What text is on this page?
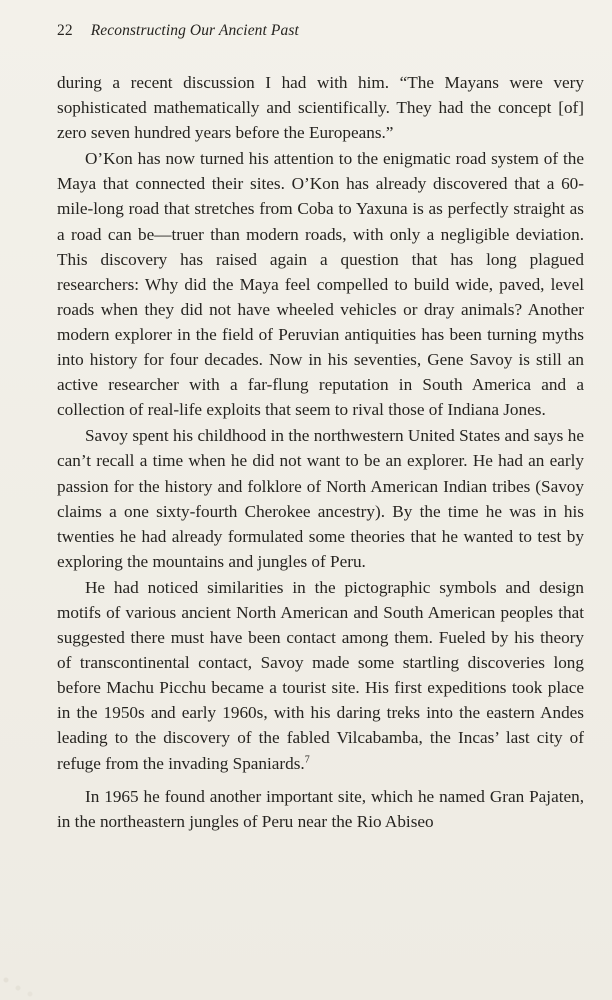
22 Reconstructing Our Ancient Past

during a recent discussion I had with him. “The Mayans were very sophisticated mathematically and scientifically. They had the concept [of] zero seven hundred years before the Europeans.”

O’Kon has now turned his attention to the enigmatic road system of the Maya that connected their sites. O’Kon has already discovered that a 60-mile-long road that stretches from Coba to Yaxuna is as perfectly straight as a road can be—truer than modern roads, with only a negligible deviation. This discovery has raised again a question that has long plagued researchers: Why did the Maya feel compelled to build wide, paved, level roads when they did not have wheeled vehicles or dray animals? Another modern explorer in the field of Peruvian antiquities has been turning myths into history for four decades. Now in his seventies, Gene Savoy is still an active researcher with a far-flung reputation in South America and a collection of real-life exploits that seem to rival those of Indiana Jones.

Savoy spent his childhood in the northwestern United States and says he can’t recall a time when he did not want to be an explorer. He had an early passion for the history and folklore of North American Indian tribes (Savoy claims a one sixty-fourth Cherokee ancestry). By the time he was in his twenties he had already formulated some theories that he wanted to test by exploring the mountains and jungles of Peru.

He had noticed similarities in the pictographic symbols and design motifs of various ancient North American and South American peoples that suggested there must have been contact among them. Fueled by his theory of transcontinental contact, Savoy made some startling discoveries long before Machu Picchu became a tourist site. His first expeditions took place in the 1950s and early 1960s, with his daring treks into the eastern Andes leading to the discovery of the fabled Vilcabamba, the Incas’ last city of refuge from the invading Spaniards.$^7$

In 1965 he found another important site, which he named Gran Pajaten, in the northeastern jungles of Peru near the Rio Abiseo
